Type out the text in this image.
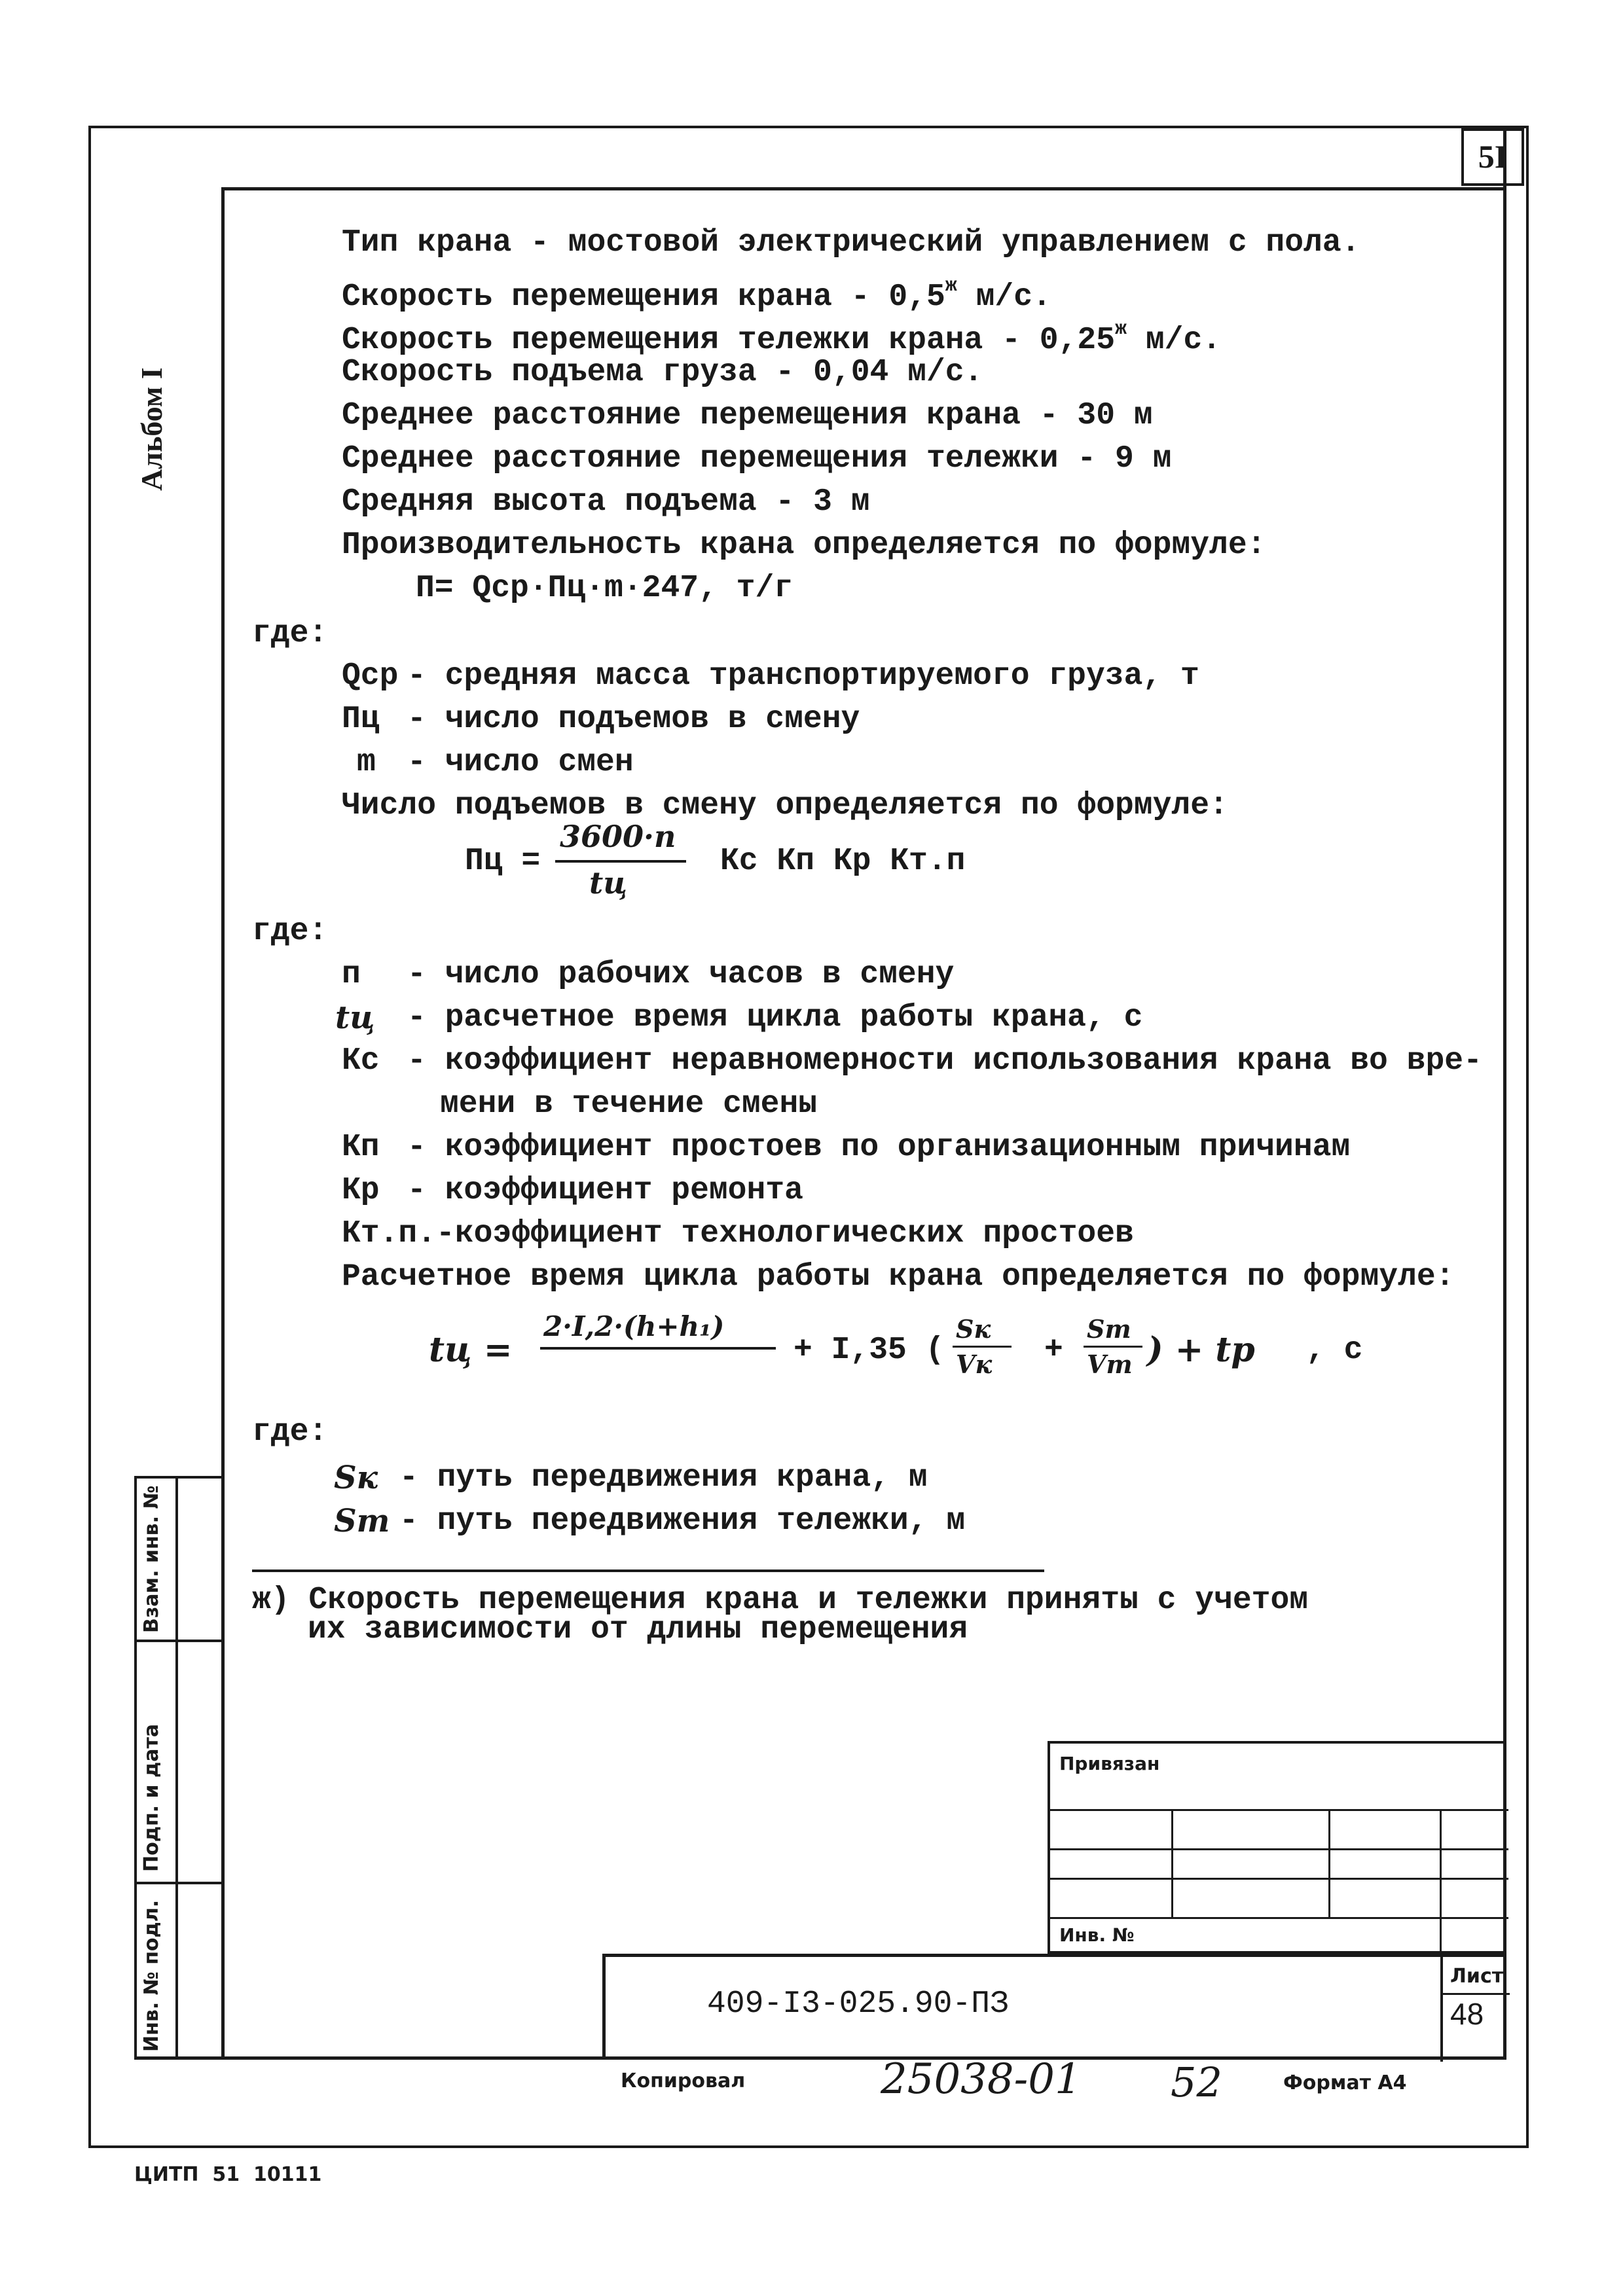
5I
Альбом I
Взам. инв. №
Подп. и дата
Инв. № подл.
Тип крана - мостовой электрический управлением с пола.
Скорость перемещения крана - $0,5^ж$ м/с.
Скорость перемещения тележки крана - $0,25^ж$ м/с.
Скорость подъема груза - 0,04 м/с.
Среднее расстояние перемещения крана - 30 м
Среднее расстояние перемещения тележки - 9 м
Средняя высота подъема - 3 м
Производительность крана определяется по формуле:
П= Qср·Пц·m·247, т/г
где:
Qср - средняя масса транспортируемого груза, т
Пц - число подъемов в смену
m - число смен
Число подъемов в смену определяется по формуле:
Пц =
3600·n
tц
Кс Кп Кр Кт.п
где:
п - число рабочих часов в смену
tц - расчетное время цикла работы крана, с
Кс - коэффициент неравномерности использования крана во вре-
мени в течение смены
Кп - коэффициент простоев по организационным причинам
Кр - коэффициент ремонта
Кт.п.-коэффициент технологических простоев
Расчетное время цикла работы крана определяется по формуле:
tц =
2·I,2·(h+h₁)
+ I,35 (
Sк
Vк +
Sт
Vт ) + tр , с
где:
Sк - путь передвижения крана, м
Sт - путь передвижения тележки, м
ж) Скорость перемещения крана и тележки приняты с учетом
их зависимости от длины перемещения
Привязан
Инв. №
409-I3-025.90-ПЗ
Лист
48
Копировал	25038-01 52	Формат А4
ЦИТП  51  10111
